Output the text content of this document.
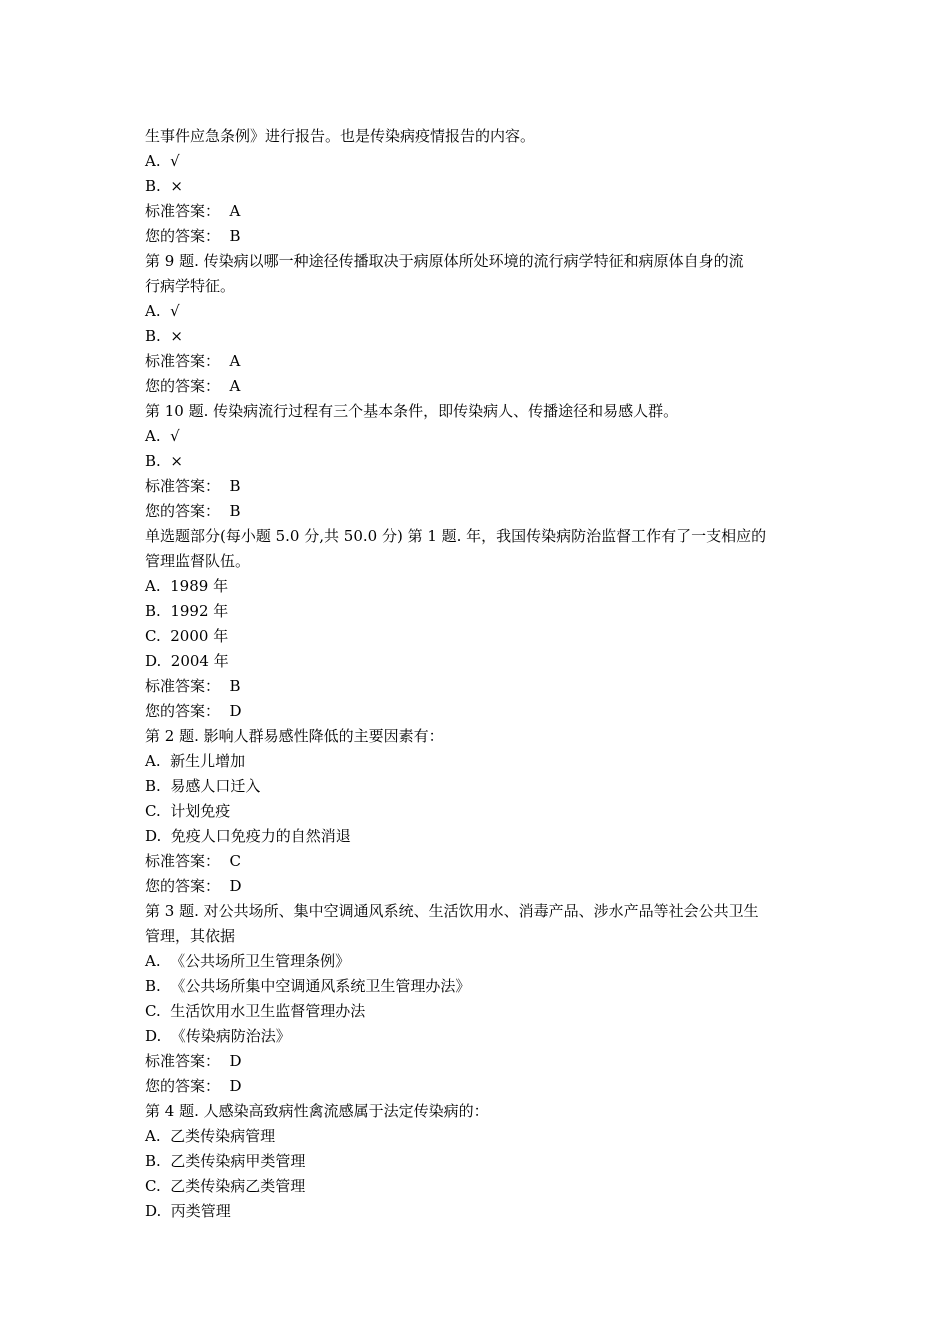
生事件应急条例》进行报告。也是传染病疫情报告的内容。
A.  √
B.  ×
标准答案：  A
您的答案：  B
第 9 题. 传染病以哪一种途径传播取决于病原体所处环境的流行病学特征和病原体自身的流
行病学特征。
A.  √
B.  ×
标准答案：  A
您的答案：  A
第 10 题. 传染病流行过程有三个基本条件，即传染病人、传播途径和易感人群。
A.  √
B.  ×
标准答案：  B
您的答案：  B
单选题部分(每小题 5.0 分,共 50.0 分) 第 1 题. 年，我国传染病防治监督工作有了一支相应的
管理监督队伍。
A.  1989 年
B.  1992 年
C.  2000 年
D.  2004 年
标准答案：  B
您的答案：  D
第 2 题. 影响人群易感性降低的主要因素有：
A.  新生儿增加
B.  易感人口迁入
C.  计划免疫
D.  免疫人口免疫力的自然消退
标准答案：  C
您的答案：  D
第 3 题. 对公共场所、集中空调通风系统、生活饮用水、消毒产品、涉水产品等社会公共卫生
管理，其依据
A.  《公共场所卫生管理条例》
B.  《公共场所集中空调通风系统卫生管理办法》
C.  生活饮用水卫生监督管理办法
D.  《传染病防治法》
标准答案：  D
您的答案：  D
第 4 题. 人感染高致病性禽流感属于法定传染病的：
A.  乙类传染病管理
B.  乙类传染病甲类管理
C.  乙类传染病乙类管理
D.  丙类管理
